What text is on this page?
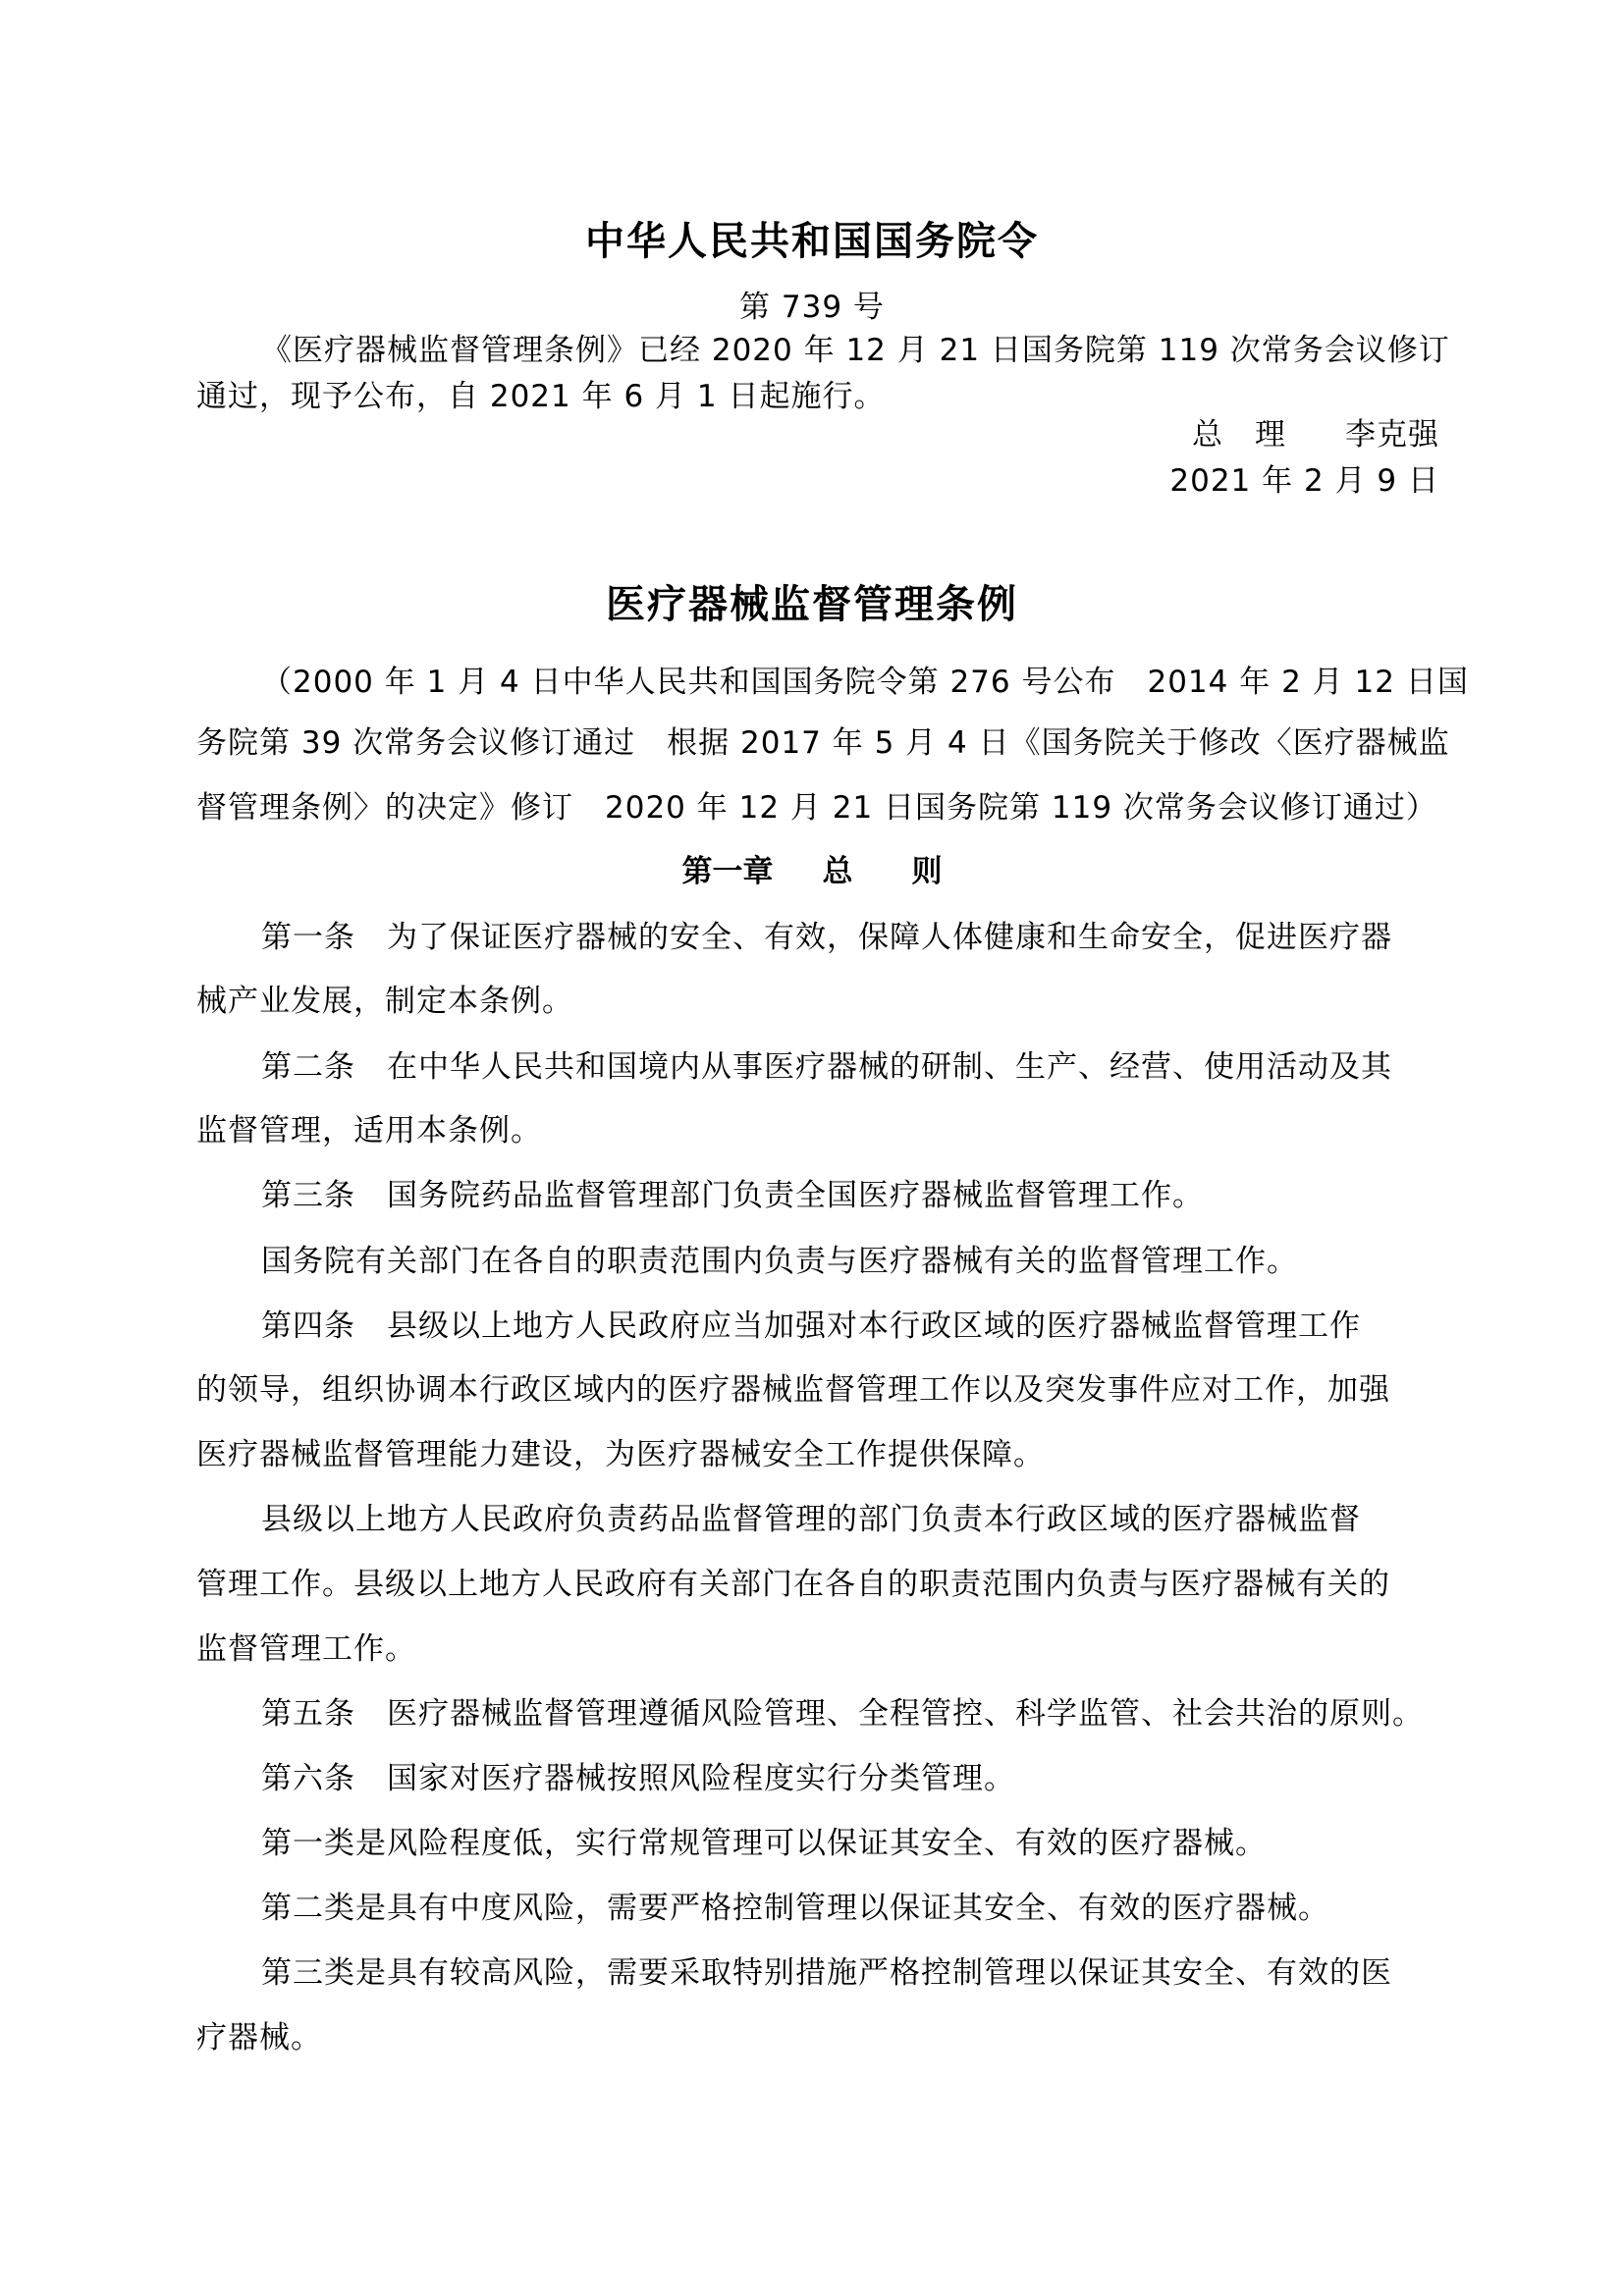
中华人民共和国国务院令
第 739 号
《医疗器械监督管理条例》已经 2020 年 12 月 21 日国务院第 119 次常务会议修订
通过，现予公布，自 2021 年 6 月 1 日起施行。
总　理 李克强
2021 年 2 月 9 日
医疗器械监督管理条例
（2000 年 1 月 4 日中华人民共和国国务院令第 276 号公布　2014 年 2 月 12 日国
务院第 39 次常务会议修订通过　根据 2017 年 5 月 4 日《国务院关于修改〈医疗器械监
督管理条例〉的决定》修订　2020 年 12 月 21 日国务院第 119 次常务会议修订通过）
第一章 总 则
第一条　为了保证医疗器械的安全、有效，保障人体健康和生命安全，促进医疗器
械产业发展，制定本条例。
第二条　在中华人民共和国境内从事医疗器械的研制、生产、经营、使用活动及其
监督管理，适用本条例。
第三条　国务院药品监督管理部门负责全国医疗器械监督管理工作。
国务院有关部门在各自的职责范围内负责与医疗器械有关的监督管理工作。
第四条　县级以上地方人民政府应当加强对本行政区域的医疗器械监督管理工作
的领导，组织协调本行政区域内的医疗器械监督管理工作以及突发事件应对工作，加强
医疗器械监督管理能力建设，为医疗器械安全工作提供保障。
县级以上地方人民政府负责药品监督管理的部门负责本行政区域的医疗器械监督
管理工作。县级以上地方人民政府有关部门在各自的职责范围内负责与医疗器械有关的
监督管理工作。
第五条　医疗器械监督管理遵循风险管理、全程管控、科学监管、社会共治的原则。
第六条　国家对医疗器械按照风险程度实行分类管理。
第一类是风险程度低，实行常规管理可以保证其安全、有效的医疗器械。
第二类是具有中度风险，需要严格控制管理以保证其安全、有效的医疗器械。
第三类是具有较高风险，需要采取特别措施严格控制管理以保证其安全、有效的医
疗器械。
